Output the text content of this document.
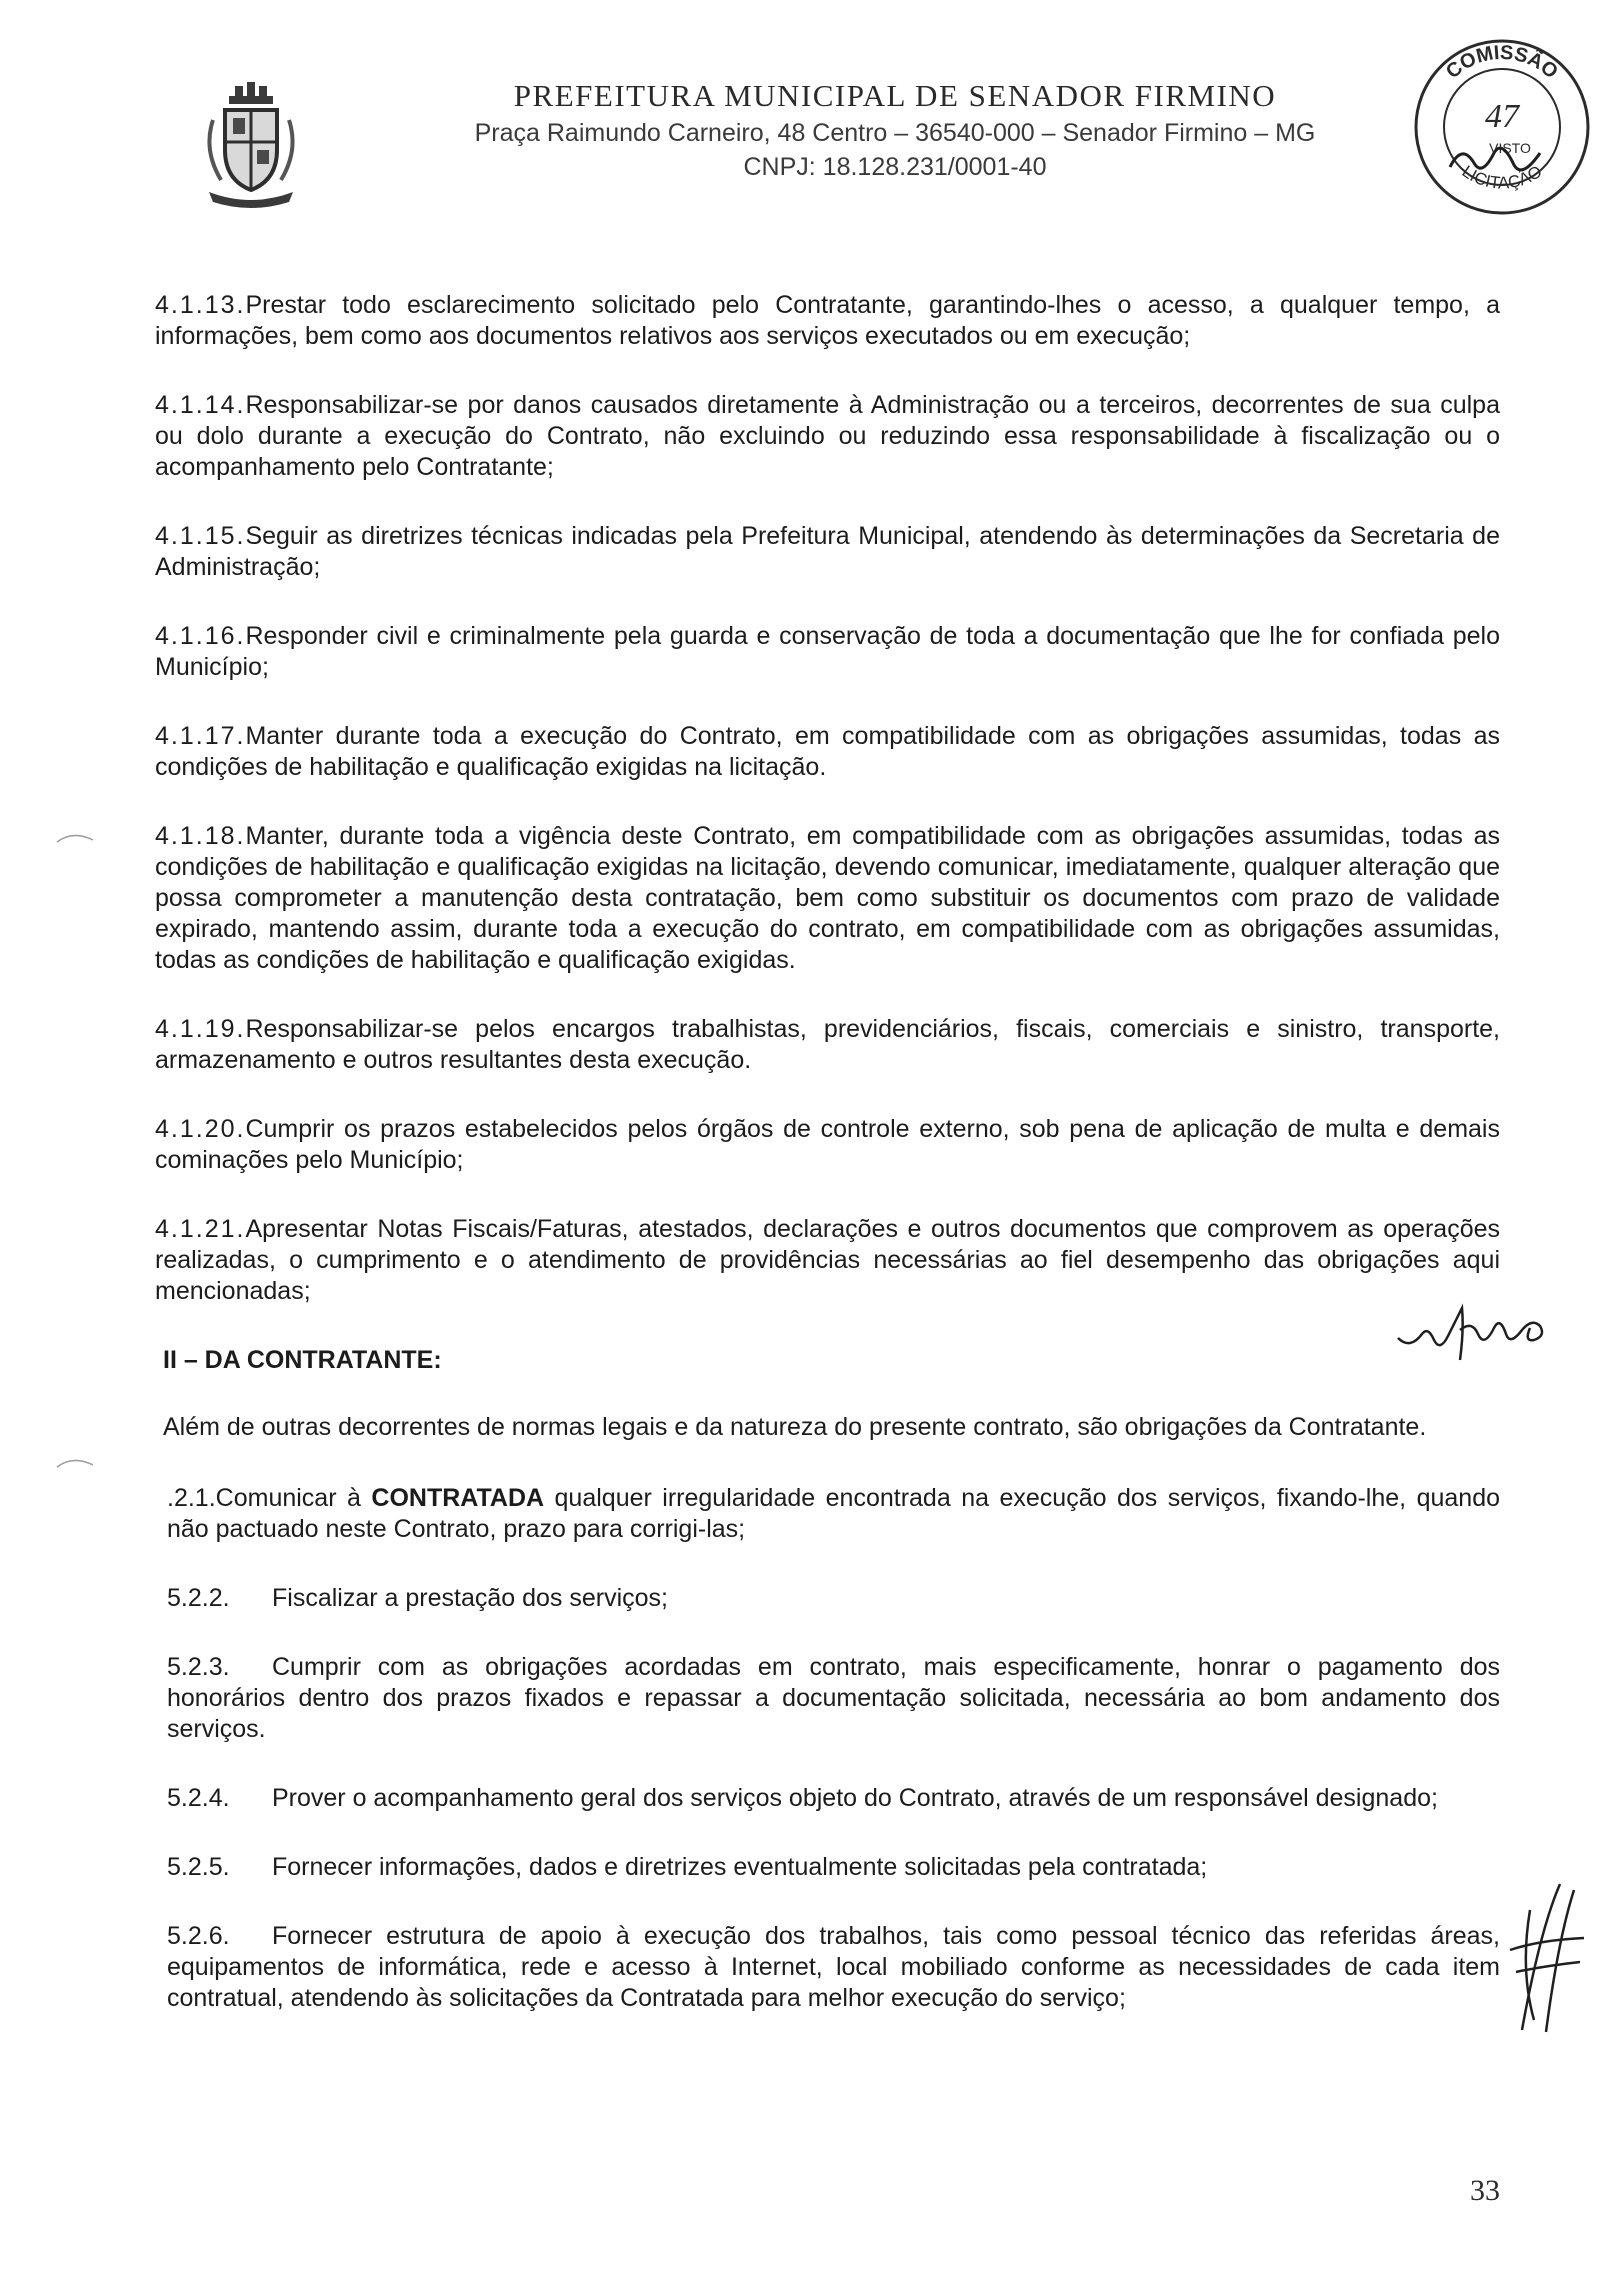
PREFEITURA MUNICIPAL DE SENADOR FIRMINO
Praça Raimundo Carneiro, 48 Centro – 36540-000 – Senador Firmino – MG
CNPJ: 18.128.231/0001-40
COMISSÃO
LICITAÇÃO
47
VISTO
4.1.13.Prestar todo esclarecimento solicitado pelo Contratante, garantindo-lhes o acesso, a qualquer tempo, a informações, bem como aos documentos relativos aos serviços executados ou em execução;
4.1.14.Responsabilizar-se por danos causados diretamente à Administração ou a terceiros, decorrentes de sua culpa ou dolo durante a execução do Contrato, não excluindo ou reduzindo essa responsabilidade à fiscalização ou o acompanhamento pelo Contratante;
4.1.15.Seguir as diretrizes técnicas indicadas pela Prefeitura Municipal, atendendo às determinações da Secretaria de Administração;
4.1.16.Responder civil e criminalmente pela guarda e conservação de toda a documentação que lhe for confiada pelo Município;
4.1.17.Manter durante toda a execução do Contrato, em compatibilidade com as obrigações assumidas, todas as condições de habilitação e qualificação exigidas na licitação.
4.1.18.Manter, durante toda a vigência deste Contrato, em compatibilidade com as obrigações assumidas, todas as condições de habilitação e qualificação exigidas na licitação, devendo comunicar, imediatamente, qualquer alteração que possa comprometer a manutenção desta contratação, bem como substituir os documentos com prazo de validade expirado, mantendo assim, durante toda a execução do contrato, em compatibilidade com as obrigações assumidas, todas as condições de habilitação e qualificação exigidas.
4.1.19.Responsabilizar-se pelos encargos trabalhistas, previdenciários, fiscais, comerciais e sinistro, transporte, armazenamento e outros resultantes desta execução.
4.1.20.Cumprir os prazos estabelecidos pelos órgãos de controle externo, sob pena de aplicação de multa e demais cominações pelo Município;
4.1.21.Apresentar Notas Fiscais/Faturas, atestados, declarações e outros documentos que comprovem as operações realizadas, o cumprimento e o atendimento de providências necessárias ao fiel desempenho das obrigações aqui mencionadas;
II – DA CONTRATANTE:
Além de outras decorrentes de normas legais e da natureza do presente contrato, são obrigações da Contratante.
.2.1.Comunicar à CONTRATADA qualquer irregularidade encontrada na execução dos serviços, fixando-lhe, quando não pactuado neste Contrato, prazo para corrigi-las;
5.2.2. Fiscalizar a prestação dos serviços;
5.2.3. Cumprir com as obrigações acordadas em contrato, mais especificamente, honrar o pagamento dos honorários dentro dos prazos fixados e repassar a documentação solicitada, necessária ao bom andamento dos serviços.
5.2.4. Prover o acompanhamento geral dos serviços objeto do Contrato, através de um responsável designado;
5.2.5. Fornecer informações, dados e diretrizes eventualmente solicitadas pela contratada;
5.2.6. Fornecer estrutura de apoio à execução dos trabalhos, tais como pessoal técnico das referidas áreas, equipamentos de informática, rede e acesso à Internet, local mobiliado conforme as necessidades de cada item contratual, atendendo às solicitações da Contratada para melhor execução do serviço;
33
